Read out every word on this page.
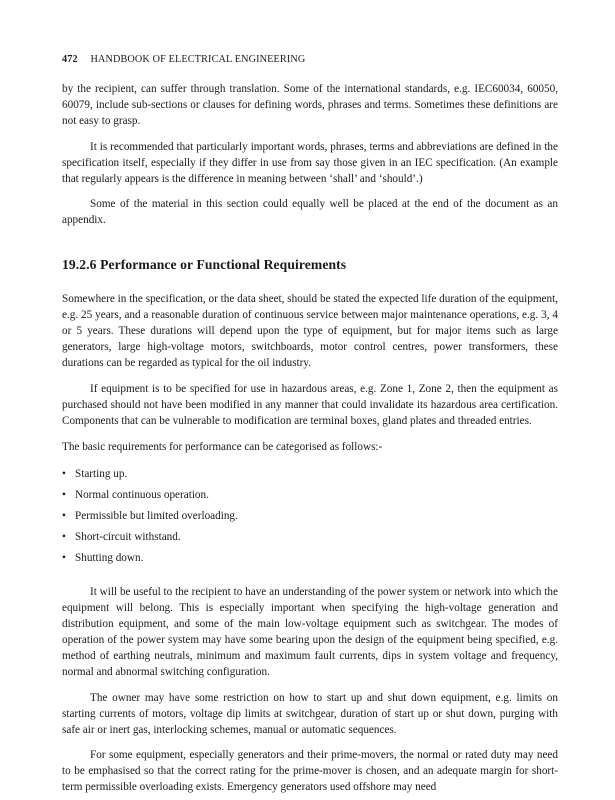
472 HANDBOOK OF ELECTRICAL ENGINEERING

by the recipient, can suffer through translation. Some of the international standards, e.g. IEC60034, 60050, 60079, include sub-sections or clauses for defining words, phrases and terms. Sometimes these definitions are not easy to grasp.

It is recommended that particularly important words, phrases, terms and abbreviations are defined in the specification itself, especially if they differ in use from say those given in an IEC specification. (An example that regularly appears is the difference in meaning between ‘shall’ and ‘should’.)

Some of the material in this section could equally well be placed at the end of the document as an appendix.

19.2.6 Performance or Functional Requirements

Somewhere in the specification, or the data sheet, should be stated the expected life duration of the equipment, e.g. 25 years, and a reasonable duration of continuous service between major maintenance operations, e.g. 3, 4 or 5 years. These durations will depend upon the type of equipment, but for major items such as large generators, large high-voltage motors, switchboards, motor control centres, power transformers, these durations can be regarded as typical for the oil industry.

If equipment is to be specified for use in hazardous areas, e.g. Zone 1, Zone 2, then the equipment as purchased should not have been modified in any manner that could invalidate its hazardous area certification. Components that can be vulnerable to modification are terminal boxes, gland plates and threaded entries.

The basic requirements for performance can be categorised as follows:-

• Starting up.
• Normal continuous operation.
• Permissible but limited overloading.
• Short-circuit withstand.
• Shutting down.

It will be useful to the recipient to have an understanding of the power system or network into which the equipment will belong. This is especially important when specifying the high-voltage generation and distribution equipment, and some of the main low-voltage equipment such as switchgear. The modes of operation of the power system may have some bearing upon the design of the equipment being specified, e.g. method of earthing neutrals, minimum and maximum fault currents, dips in system voltage and frequency, normal and abnormal switching configuration.

The owner may have some restriction on how to start up and shut down equipment, e.g. limits on starting currents of motors, voltage dip limits at switchgear, duration of start up or shut down, purging with safe air or inert gas, interlocking schemes, manual or automatic sequences.

For some equipment, especially generators and their prime-movers, the normal or rated duty may need to be emphasised so that the correct rating for the prime-mover is chosen, and an adequate margin for short-term permissible overloading exists. Emergency generators used offshore may need
